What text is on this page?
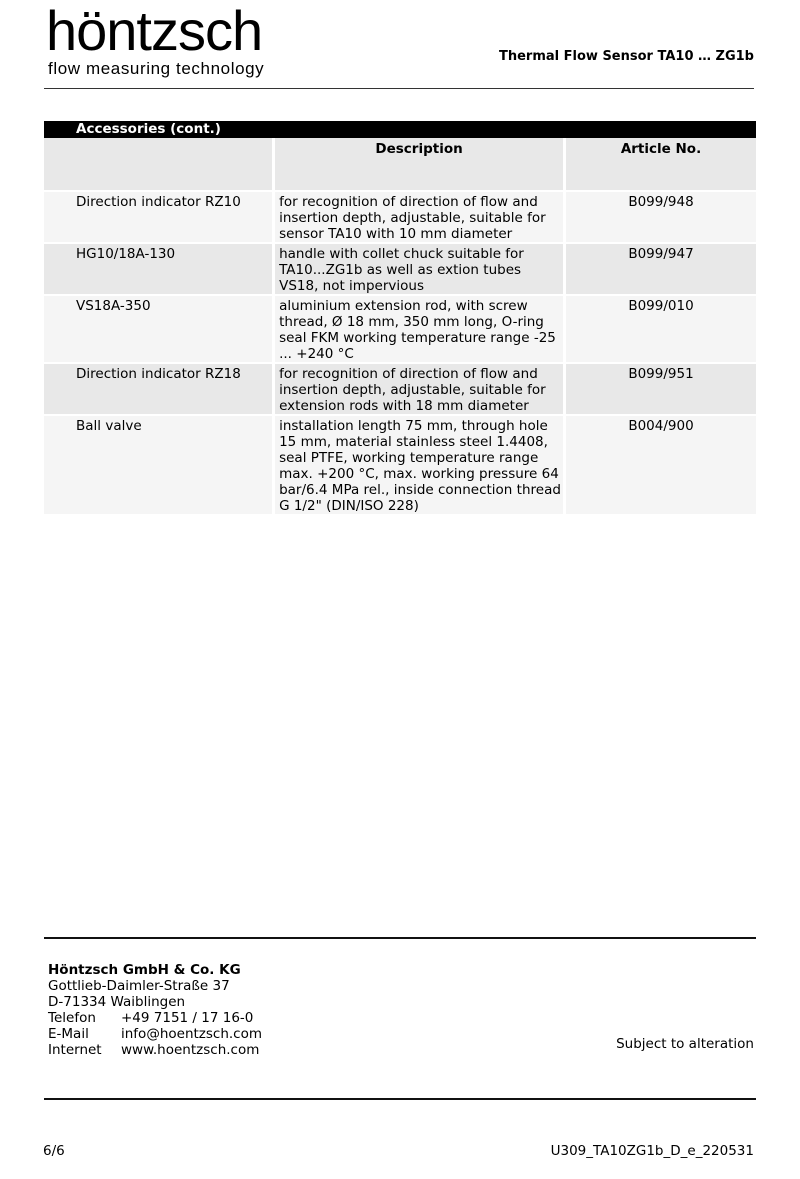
höntzsch
flow measuring technology
Thermal Flow Sensor TA10 … ZG1b
Accessories (cont.)		
	Description	Article No.
Direction indicator RZ10	for recognition of direction of flow and insertion depth, adjustable, suitable for sensor TA10 with 10 mm diameter	B099/948
HG10/18A-130	handle with collet chuck suitable for TA10...ZG1b as well as extion tubes VS18, not impervious	B099/947
VS18A-350	aluminium extension rod, with screw thread, Ø 18 mm, 350 mm long, O-ring seal FKM working temperature range -25 ... +240 °C	B099/010
Direction indicator RZ18	for recognition of direction of flow and insertion depth, adjustable, suitable for extension rods with 18 mm diameter	B099/951
Ball valve	installation length 75 mm, through hole 15 mm, material stainless steel 1.4408, seal PTFE, working temperature range max. +200 °C, max. working pressure 64 bar/6.4 MPa rel., inside connection thread G 1/2" (DIN/ISO 228)	B004/900
Höntzsch GmbH & Co. KG
Gottlieb-Daimler-Straße 37
D-71334 Waiblingen
Telefon	+49 7151 / 17 16-0
E-Mail	info@hoentzsch.com
Internet	www.hoentzsch.com	Subject to alteration
6/6	U309_TA10ZG1b_D_e_220531
